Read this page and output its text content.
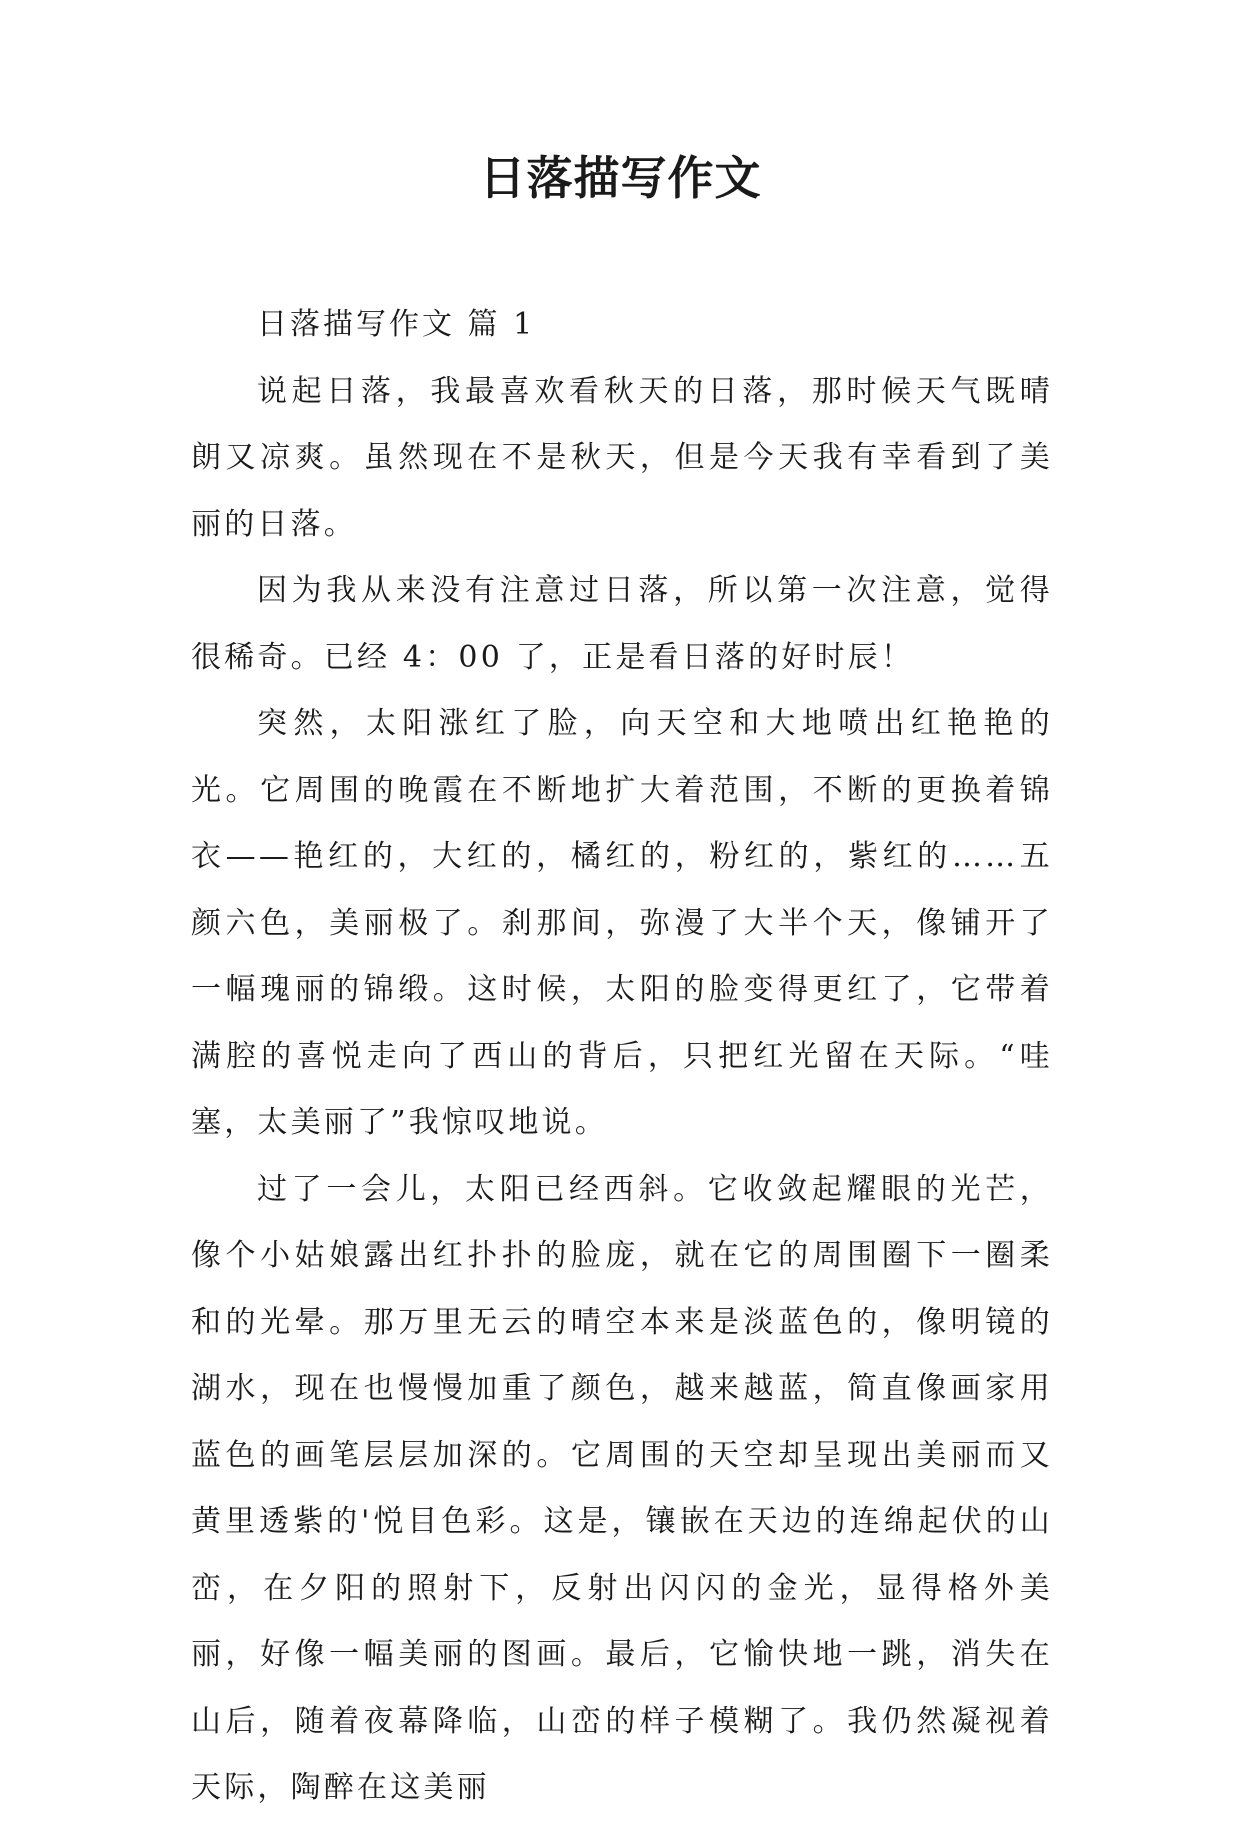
日落描写作文

日落描写作文 篇 1

说起日落，我最喜欢看秋天的日落，那时候天气既晴朗又凉爽。虽然现在不是秋天，但是今天我有幸看到了美丽的日落。

因为我从来没有注意过日落，所以第一次注意，觉得很稀奇。已经 4：00 了，正是看日落的好时辰！

突然，太阳涨红了脸，向天空和大地喷出红艳艳的光。它周围的晚霞在不断地扩大着范围，不断的更换着锦衣——艳红的，大红的，橘红的，粉红的，紫红的……五颜六色，美丽极了。刹那间，弥漫了大半个天，像铺开了一幅瑰丽的锦缎。这时候，太阳的脸变得更红了，它带着满腔的喜悦走向了西山的背后，只把红光留在天际。“哇塞，太美丽了”我惊叹地说。

过了一会儿，太阳已经西斜。它收敛起耀眼的光芒，像个小姑娘露出红扑扑的脸庞，就在它的周围圈下一圈柔和的光晕。那万里无云的晴空本来是淡蓝色的，像明镜的湖水，现在也慢慢加重了颜色，越来越蓝，简直像画家用蓝色的画笔层层加深的。它周围的天空却呈现出美丽而又黄里透紫的'悦目色彩。这是，镶嵌在天边的连绵起伏的山峦，在夕阳的照射下，反射出闪闪的金光，显得格外美丽，好像一幅美丽的图画。最后，它愉快地一跳，消失在山后，随着夜幕降临，山峦的样子模糊了。我仍然凝视着天际，陶醉在这美丽
